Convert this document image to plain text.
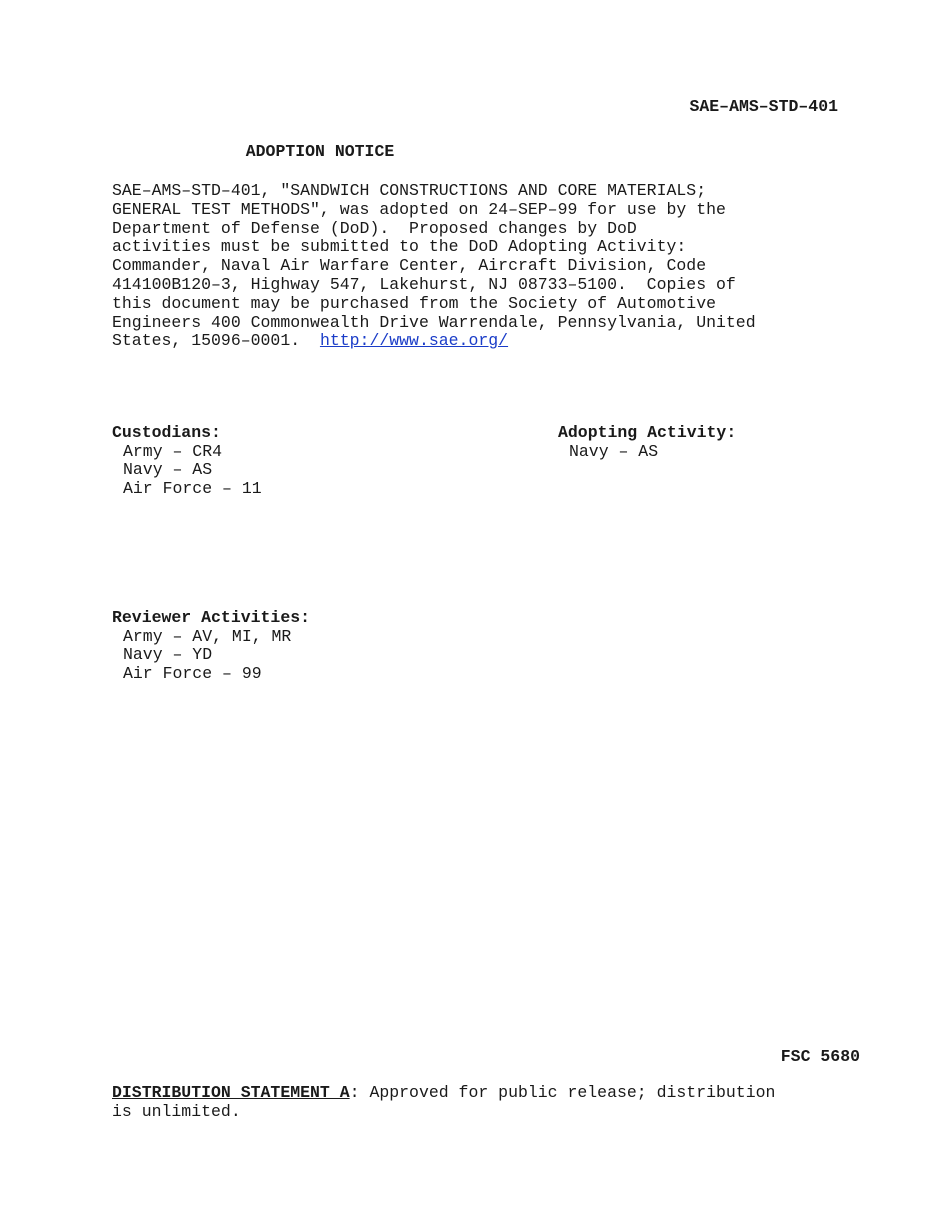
SAE–AMS–STD–401
ADOPTION NOTICE
SAE–AMS–STD–401, "SANDWICH CONSTRUCTIONS AND CORE MATERIALS;
GENERAL TEST METHODS", was adopted on 24–SEP–99 for use by the
Department of Defense (DoD).  Proposed changes by DoD
activities must be submitted to the DoD Adopting Activity:
Commander, Naval Air Warfare Center, Aircraft Division, Code
414100B120–3, Highway 547, Lakehurst, NJ 08733–5100.  Copies of
this document may be purchased from the Society of Automotive
Engineers 400 Commonwealth Drive Warrendale, Pennsylvania, United
States, 15096–0001.  http://www.sae.org/
Custodians:

Army – CR4
Navy – AS
Air Force – 11
Adopting Activity:

Navy – AS
Reviewer Activities:

Army – AV, MI, MR
Navy – YD
Air Force – 99
FSC 5680
DISTRIBUTION STATEMENT A: Approved for public release; distribution
is unlimited.
